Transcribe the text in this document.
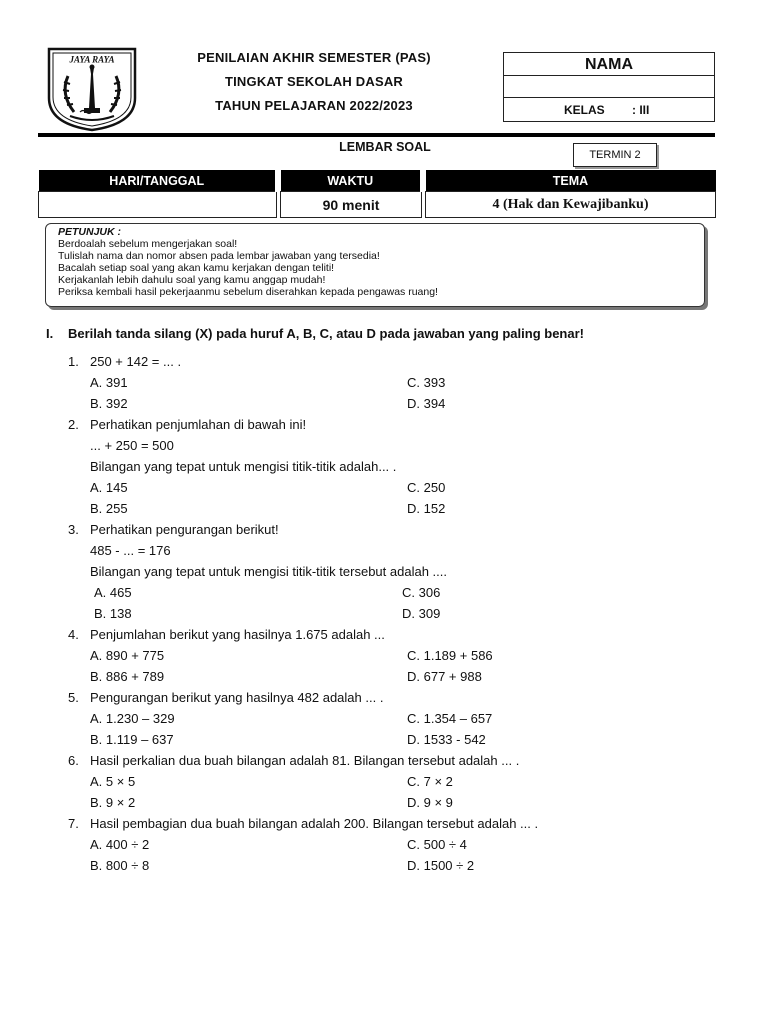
JAYA RAYA	PENILAIAN AKHIR SEMESTER (PAS)
TINGKAT SEKOLAH DASAR
TAHUN PELAJARAN 2022/2023
NAMA
KELAS : III
LEMBAR SOAL
TERMIN 2
HARI/TANGGAL		WAKTU		TEMA
		90 menit		4 (Hak dan Kewajibanku)
PETUNJUK :
Berdoalah sebelum mengerjakan soal!
Tulislah nama dan nomor absen pada lembar jawaban yang tersedia!
Bacalah setiap soal yang akan kamu kerjakan dengan teliti!
Kerjakanlah lebih dahulu soal yang kamu anggap mudah!
Periksa kembali hasil pekerjaanmu sebelum diserahkan kepada pengawas ruang!
I. Berilah tanda silang (X) pada huruf A, B, C, atau D pada jawaban yang paling benar!
1. 250 + 142 = ... .
A. 391	C. 393
B. 392	D. 394
2. Perhatikan penjumlahan di bawah ini!
... + 250 = 500
Bilangan yang tepat untuk mengisi titik-titik adalah... .
A. 145	C. 250
B. 255	D. 152
3. Perhatikan pengurangan berikut!
485 - ... = 176
Bilangan yang tepat untuk mengisi titik-titik tersebut adalah ....
A. 465	C. 306
B. 138	D. 309
4. Penjumlahan berikut yang hasilnya 1.675 adalah ...
A. 890 + 775	C. 1.189 + 586
B. 886 + 789	D. 677 + 988
5. Pengurangan berikut yang hasilnya 482 adalah ... .
A. 1.230 – 329	C. 1.354 – 657
B. 1.119 – 637	D. 1533 - 542
6. Hasil perkalian dua buah bilangan adalah 81. Bilangan tersebut adalah ... .
A. 5 × 5	C. 7 × 2
B. 9 × 2	D. 9 × 9
7. Hasil pembagian dua buah bilangan adalah 200. Bilangan tersebut adalah ... .
A. 400 ÷ 2	C. 500 ÷ 4
B. 800 ÷ 8	D. 1500 ÷ 2
